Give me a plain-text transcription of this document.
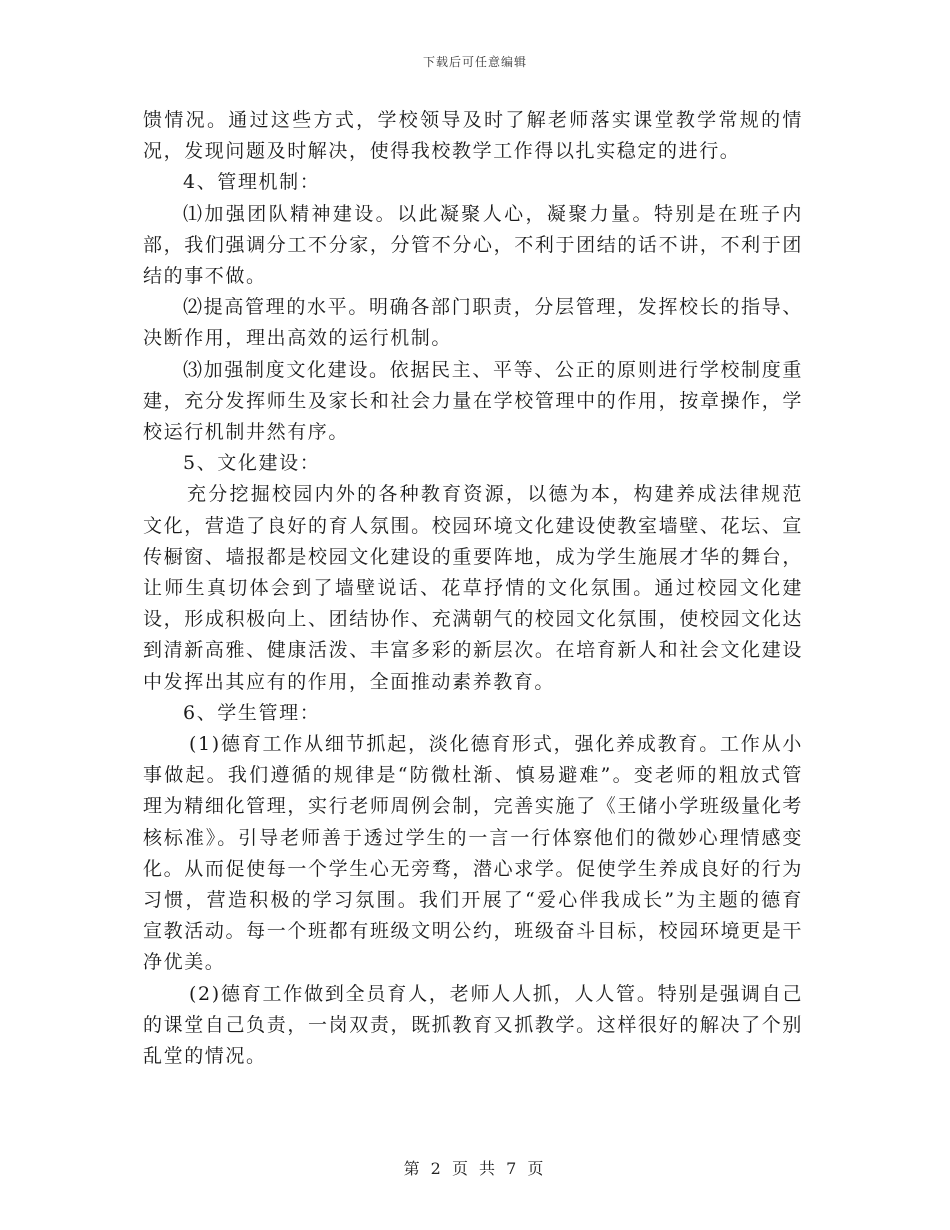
下载后可任意编辑

馈情况。通过这些方式，学校领导及时了解老师落实课堂教学常规的情况，发现问题及时解决，使得我校教学工作得以扎实稳定的进行。

4、管理机制：

⑴加强团队精神建设。以此凝聚人心，凝聚力量。特别是在班子内部，我们强调分工不分家，分管不分心，不利于团结的话不讲，不利于团结的事不做。

⑵提高管理的水平。明确各部门职责，分层管理，发挥校长的指导、决断作用，理出高效的运行机制。

⑶加强制度文化建设。依据民主、平等、公正的原则进行学校制度重建，充分发挥师生及家长和社会力量在学校管理中的作用，按章操作，学校运行机制井然有序。

5、文化建设：

充分挖掘校园内外的各种教育资源，以德为本，构建养成法律规范文化，营造了良好的育人氛围。校园环境文化建设使教室墙壁、花坛、宣传橱窗、墙报都是校园文化建设的重要阵地，成为学生施展才华的舞台，让师生真切体会到了墙壁说话、花草抒情的文化氛围。通过校园文化建设，形成积极向上、团结协作、充满朝气的校园文化氛围，使校园文化达到清新高雅、健康活泼、丰富多彩的新层次。在培育新人和社会文化建设中发挥出其应有的作用，全面推动素养教育。

6、学生管理：

(1)德育工作从细节抓起，淡化德育形式，强化养成教育。工作从小事做起。我们遵循的规律是“防微杜渐、慎易避难”。变老师的粗放式管理为精细化管理，实行老师周例会制，完善实施了《王储小学班级量化考核标准》。引导老师善于透过学生的一言一行体察他们的微妙心理情感变化。从而促使每一个学生心无旁骛，潜心求学。促使学生养成良好的行为习惯，营造积极的学习氛围。我们开展了“爱心伴我成长”为主题的德育宣教活动。每一个班都有班级文明公约，班级奋斗目标，校园环境更是干净优美。

(2)德育工作做到全员育人，老师人人抓，人人管。特别是强调自己的课堂自己负责，一岗双责，既抓教育又抓教学。这样很好的解决了个别乱堂的情况。

第 2 页 共 7 页
